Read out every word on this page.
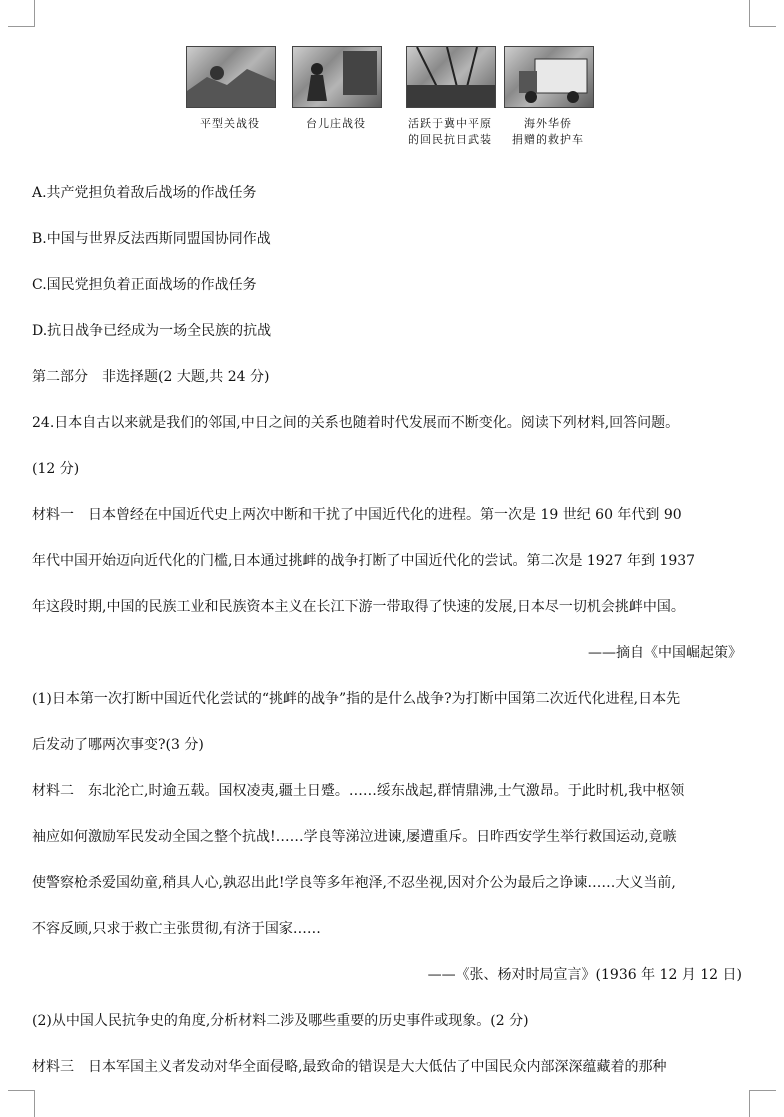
平型关战役	台儿庄战役	活跃于冀中平原
的回民抗日武装
海外华侨
捐赠的救护车
A.共产党担负着敌后战场的作战任务
B.中国与世界反法西斯同盟国协同作战
C.国民党担负着正面战场的作战任务
D.抗日战争已经成为一场全民族的抗战
第二部分　非选择题(2 大题,共 24 分)
24.日本自古以来就是我们的邻国,中日之间的关系也随着时代发展而不断变化。阅读下列材料,回答问题。
(12 分)
材料一　日本曾经在中国近代史上两次中断和干扰了中国近代化的进程。第一次是 19 世纪 60 年代到 90
年代中国开始迈向近代化的门槛,日本通过挑衅的战争打断了中国近代化的尝试。第二次是 1927 年到 1937
年这段时期,中国的民族工业和民族资本主义在长江下游一带取得了快速的发展,日本尽一切机会挑衅中国。
——摘自《中国崛起策》
(1)日本第一次打断中国近代化尝试的“挑衅的战争”指的是什么战争?为打断中国第二次近代化进程,日本先
后发动了哪两次事变?(3 分)
材料二　东北沦亡,时逾五载。国权凌夷,疆土日蹙。……绥东战起,群情鼎沸,士气激昂。于此时机,我中枢领
袖应如何激励军民发动全国之整个抗战!……学良等涕泣进谏,屡遭重斥。日昨西安学生举行救国运动,竟嗾
使警察枪杀爱国幼童,稍具人心,孰忍出此!学良等多年袍泽,不忍坐视,因对介公为最后之诤谏……大义当前,
不容反顾,只求于救亡主张贯彻,有济于国家……
——《张、杨对时局宣言》(1936 年 12 月 12 日)
(2)从中国人民抗争史的角度,分析材料二涉及哪些重要的历史事件或现象。(2 分)
材料三　日本军国主义者发动对华全面侵略,最致命的错误是大大低估了中国民众内部深深蕴藏着的那种
